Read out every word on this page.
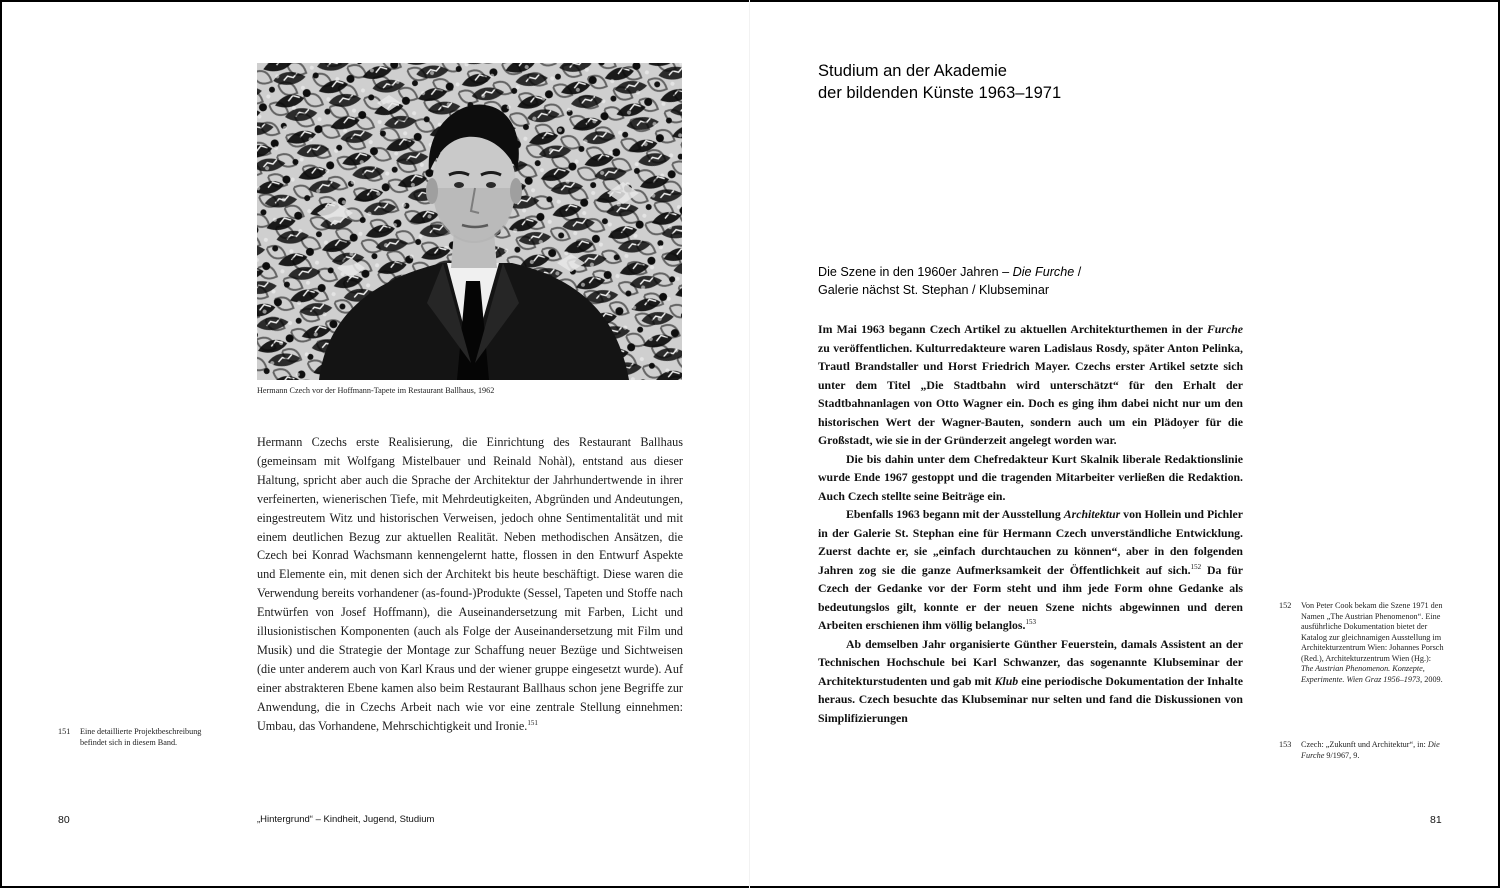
Hermann Czech vor der Hoffmann-Tapete im Restaurant Ballhaus, 1962

Hermann Czechs erste Realisierung, die Einrichtung des Restaurant Ballhaus (gemeinsam mit Wolfgang Mistelbauer und Reinald Nohàl), entstand aus dieser Haltung, spricht aber auch die Sprache der Architektur der Jahrhundertwende in ihrer verfeinerten, wienerischen Tiefe, mit Mehrdeutigkeiten, Abgründen und Andeutungen, eingestreutem Witz und historischen Verweisen, jedoch ohne Sentimentalität und mit einem deutlichen Bezug zur aktuellen Realität. Neben methodischen Ansätzen, die Czech bei Konrad Wachsmann kennengelernt hatte, flossen in den Entwurf Aspekte und Elemente ein, mit denen sich der Architekt bis heute beschäftigt. Diese waren die Verwendung bereits vorhandener (as-found-)Produkte (Sessel, Tapeten und Stoffe nach Entwürfen von Josef Hoffmann), die Auseinandersetzung mit Farben, Licht und illusionistischen Komponenten (auch als Folge der Auseinandersetzung mit Film und Musik) und die Strategie der Montage zur Schaffung neuer Bezüge und Sichtweisen (die unter anderem auch von Karl Kraus und der wiener gruppe eingesetzt wurde). Auf einer abstrakteren Ebene kamen also beim Restaurant Ballhaus schon jene Begriffe zur Anwendung, die in Czechs Arbeit nach wie vor eine zentrale Stellung einnehmen: Umbau, das Vorhandene, Mehrschichtigkeit und Ironie.$^{151}$

151 Eine detaillierte Projektbeschreibung befindet sich in diesem Band.
80	„Hintergrund“ – Kindheit, Jugend, Studium
Studium an der Akademie
der bildenden Künste 1963–1971
Die Szene in den 1960er Jahren – Die Furche /
Galerie nächst St. Stephan / Klubseminar

Im Mai 1963 begann Czech Artikel zu aktuellen Architekturthemen in der Furche zu veröffentlichen. Kulturredakteure waren Ladislaus Rosdy, später Anton Pelinka, Trautl Brandstaller und Horst Friedrich Mayer. Czechs erster Artikel setzte sich unter dem Titel „Die Stadtbahn wird unterschätzt“ für den Erhalt der Stadtbahnanlagen von Otto Wagner ein. Doch es ging ihm dabei nicht nur um den historischen Wert der Wagner-Bauten, sondern auch um ein Plädoyer für die Großstadt, wie sie in der Gründerzeit angelegt worden war.

Die bis dahin unter dem Chefredakteur Kurt Skalnik liberale Redaktionslinie wurde Ende 1967 gestoppt und die tragenden Mitarbeiter verließen die Redaktion. Auch Czech stellte seine Beiträge ein.

Ebenfalls 1963 begann mit der Ausstellung Architektur von Hollein und Pichler in der Galerie St. Stephan eine für Hermann Czech unverständliche Entwicklung. Zuerst dachte er, sie „einfach durchtauchen zu können“, aber in den folgenden Jahren zog sie die ganze Aufmerksamkeit der Öffentlichkeit auf sich.$^{152}$ Da für Czech der Gedanke vor der Form steht und ihm jede Form ohne Gedanke als bedeutungslos gilt, konnte er der neuen Szene nichts abgewinnen und deren Arbeiten erschienen ihm völlig belanglos.$^{153}$

Ab demselben Jahr organisierte Günther Feuerstein, damals Assistent an der Technischen Hochschule bei Karl Schwanzer, das sogenannte Klubseminar der Architekturstudenten und gab mit Klub eine periodische Dokumentation der Inhalte heraus. Czech besuchte das Klubseminar nur selten und fand die Diskussionen von Simplifizierungen

152 Von Peter Cook bekam die Szene 1971 den Namen „The Austrian Phenomenon“. Eine ausführliche Dokumentation bietet der Katalog zur gleichnamigen Ausstellung im Architekturzentrum Wien: Johannes Porsch (Red.), Architekturzentrum Wien (Hg.): The Austrian Phenomenon. Konzepte, Experimente. Wien Graz 1956–1973, 2009.
153 Czech: „Zukunft und Architektur“, in: Die Furche 9/1967, 9.
81
